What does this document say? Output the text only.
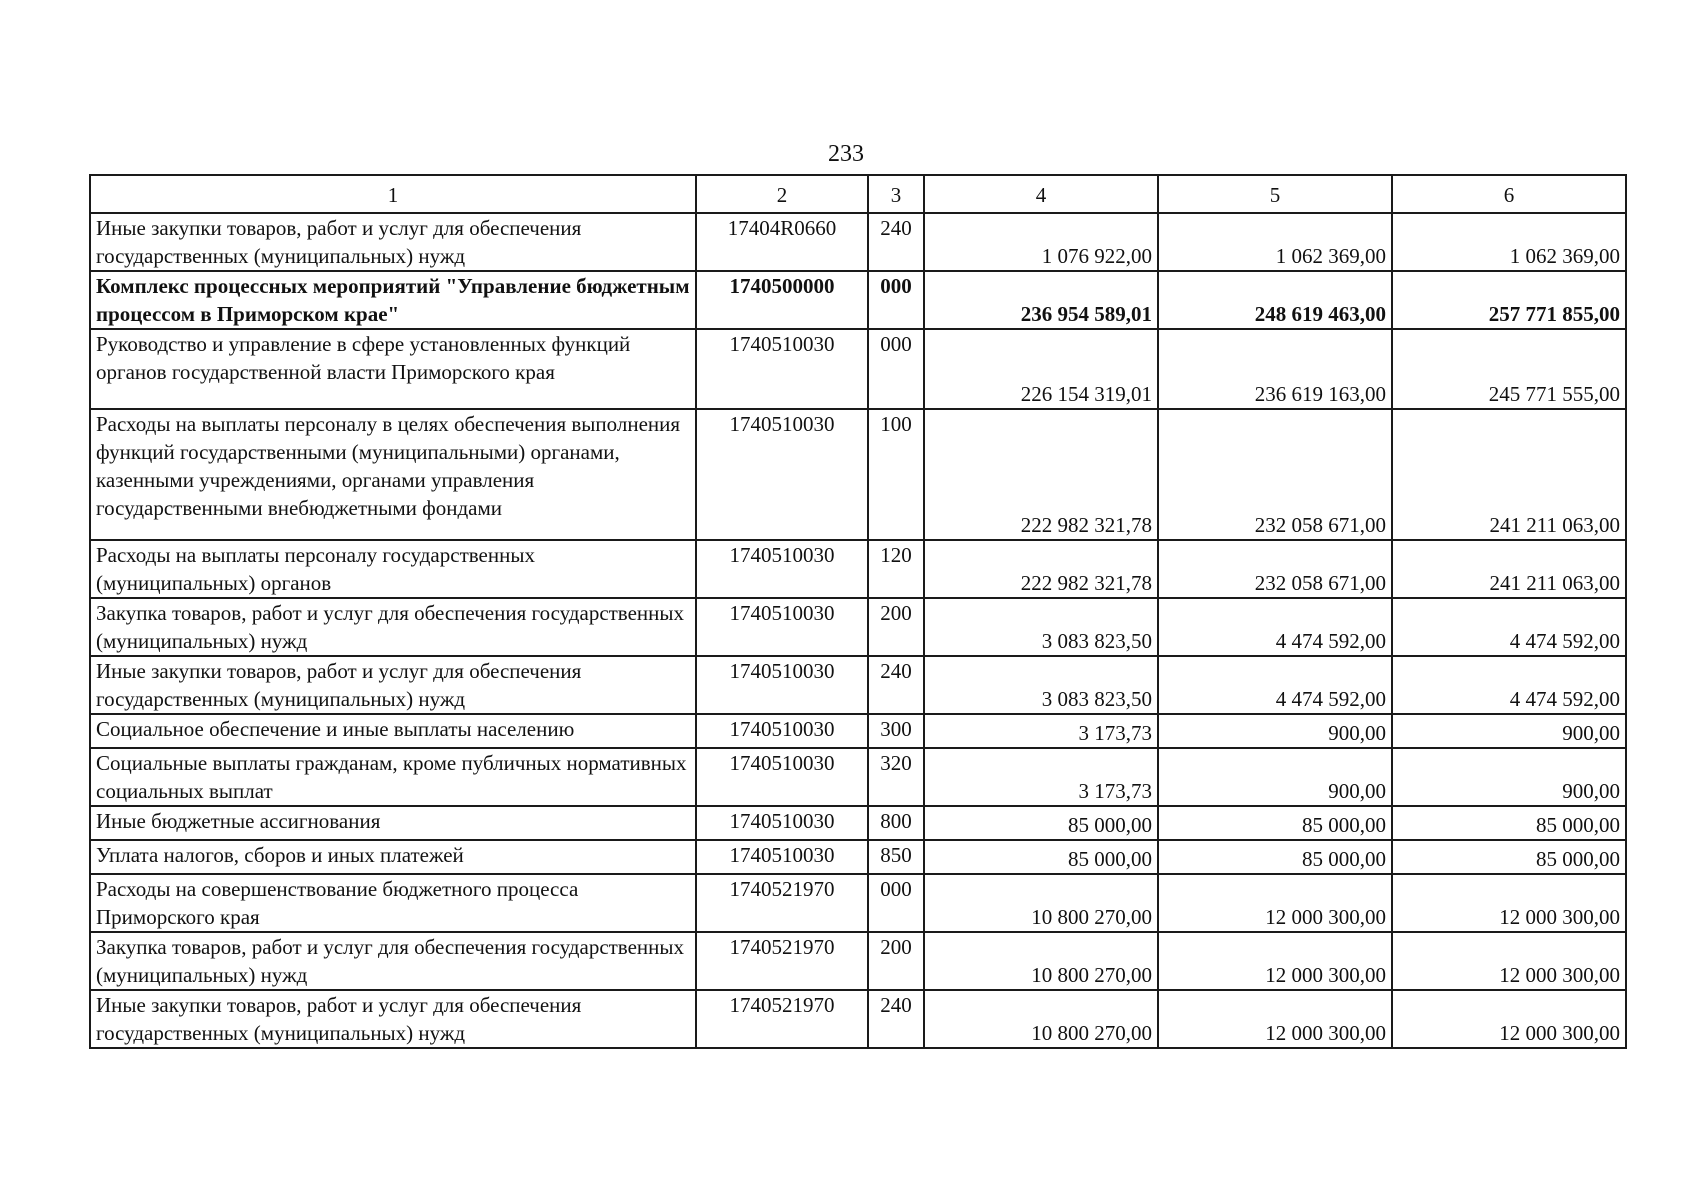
233
1	2	3	4	5	6
Иные закупки товаров, работ и услуг для обеспечения государственных (муниципальных) нужд	17404R0660	240	1 076 922,00	1 062 369,00	1 062 369,00
Комплекс процессных мероприятий "Управление бюджетным процессом в Приморском крае"	1740500000	000	236 954 589,01	248 619 463,00	257 771 855,00
Руководство и управление в сфере установленных функций органов государственной власти Приморского края	1740510030	000	226 154 319,01	236 619 163,00	245 771 555,00
Расходы на выплаты персоналу в целях обеспечения выполнения функций государственными (муниципальными) органами, казенными учреждениями, органами управления государственными внебюджетными фондами	1740510030	100	222 982 321,78	232 058 671,00	241 211 063,00
Расходы на выплаты персоналу государственных (муниципальных) органов	1740510030	120	222 982 321,78	232 058 671,00	241 211 063,00
Закупка товаров, работ и услуг для обеспечения государственных (муниципальных) нужд	1740510030	200	3 083 823,50	4 474 592,00	4 474 592,00
Иные закупки товаров, работ и услуг для обеспечения государственных (муниципальных) нужд	1740510030	240	3 083 823,50	4 474 592,00	4 474 592,00
Социальное обеспечение и иные выплаты населению	1740510030	300	3 173,73	900,00	900,00
Социальные выплаты гражданам, кроме публичных нормативных социальных выплат	1740510030	320	3 173,73	900,00	900,00
Иные бюджетные ассигнования	1740510030	800	85 000,00	85 000,00	85 000,00
Уплата налогов, сборов и иных платежей	1740510030	850	85 000,00	85 000,00	85 000,00
Расходы на совершенствование бюджетного процесса Приморского края	1740521970	000	10 800 270,00	12 000 300,00	12 000 300,00
Закупка товаров, работ и услуг для обеспечения государственных (муниципальных) нужд	1740521970	200	10 800 270,00	12 000 300,00	12 000 300,00
Иные закупки товаров, работ и услуг для обеспечения государственных (муниципальных) нужд	1740521970	240	10 800 270,00	12 000 300,00	12 000 300,00
